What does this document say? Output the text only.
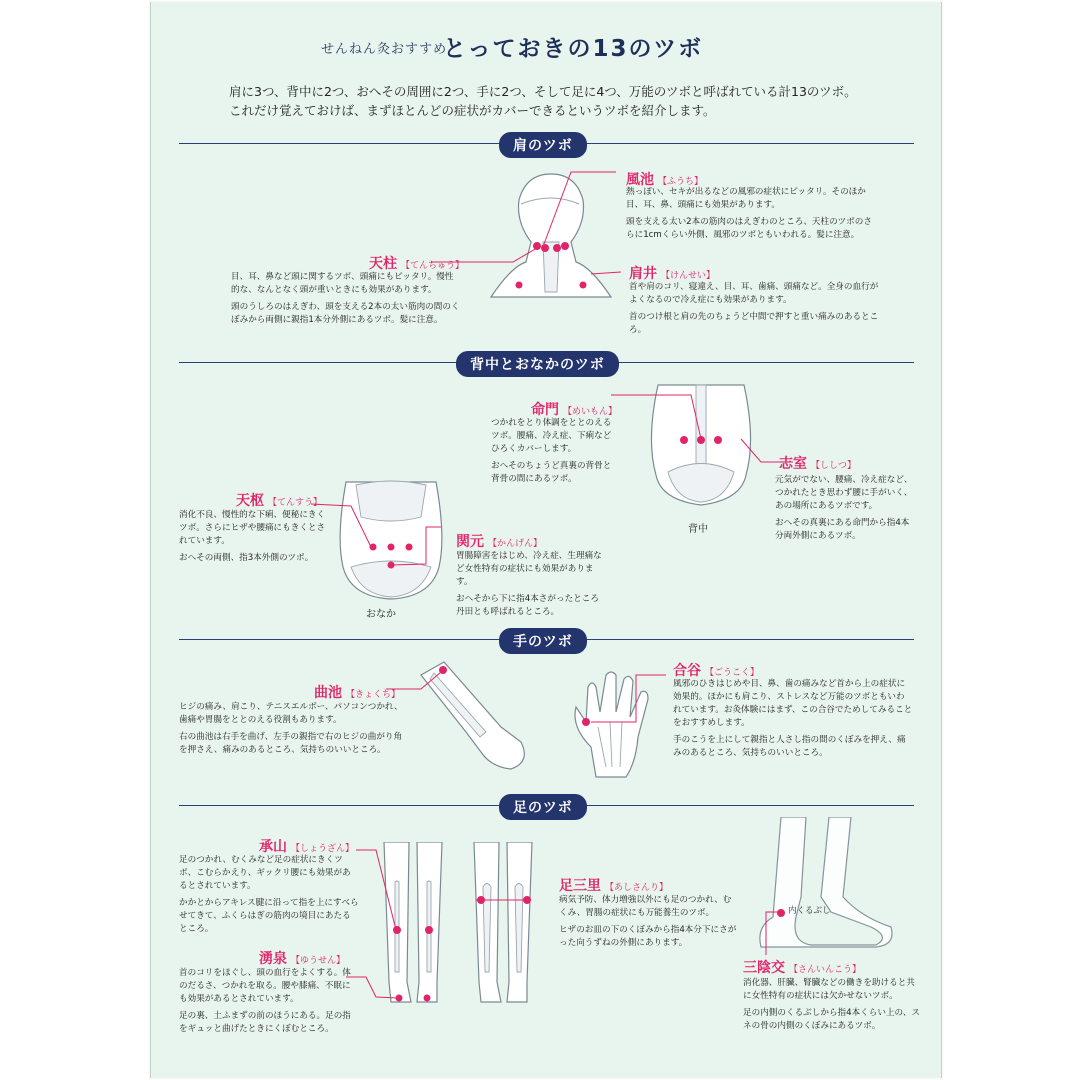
せんねん灸おすすめ
とっておきの13のツボ
肩に3つ、背中に2つ、おへその周囲に2つ、手に2つ、そして足に4つ、万能のツボと呼ばれている計13のツボ。
これだけ覚えておけば、まずほとんどの症状がカバーできるというツボを紹介します。
肩のツボ
風池 【ふうち】

熱っぽい、セキが出るなどの風邪の症状にピッタリ。そのほか目、耳、鼻、頭痛にも効果があります。

頭を支える太い2本の筋肉のはえぎわのところ、天柱のツボのさらに1cmくらい外側、風邪のツボともいわれる。髪に注意。

天柱 【てんちゅう】

目、耳、鼻など頭に関するツボ、頭痛にもピッタリ。慢性的な、なんとなく頭が重いときにも効果があります。

頭のうしろのはえぎわ、頭を支える2本の太い筋肉の間のくぼみから両側に親指1本分外側にあるツボ。髪に注意。

肩井 【けんせい】

首や肩のコリ、寝違え、目、耳、歯痛、頭痛など。全身の血行がよくなるので冷え症にも効果があります。

首のつけ根と肩の先のちょうど中間で押すと重い痛みのあるところ。

背中とおなかのツボ
背中
命門 【めいもん】

つかれをとり体調をととのえるツボ。腰痛、冷え症、下痢などひろくカバーします。

おへそのちょうど真裏の背骨と背骨の間にあるツボ。

志室 【ししつ】

元気がでない、腰痛、冷え症など、つかれたとき思わず腰に手がいく、あの場所にあるツボです。

おへその真裏にある命門から指4本分両外側にあるツボ。

おなか
天枢 【てんすう】

消化不良、慢性的な下痢、便秘にきくツボ。さらにヒザや腰痛にもきくとされています。

おへその両側、指3本外側のツボ。

関元 【かんげん】

胃腸障害をはじめ、冷え症、生理痛など女性特有の症状にも効果があります。

おへそから下に指4本さがったところ丹田とも呼ばれるところ。

手のツボ
曲池 【きょくち】

ヒジの痛み、肩こり、テニスエルボー、パソコンつかれ、歯痛や胃腸をととのえる役割もあります。

右の曲池は右手を曲げ、左手の親指で右のヒジの曲がり角を押さえ、痛みのあるところ、気持ちのいいところ。

合谷 【ごうこく】

風邪のひきはじめや目、鼻、歯の痛みなど首から上の症状に効果的。ほかにも肩こり、ストレスなど万能のツボともいわれています。お灸体験にはまず、この合谷でためしてみることをおすすめします。

手のこうを上にして親指と人さし指の間のくぼみを押え、痛みのあるところ、気持ちのいいところ。

足のツボ
承山 【しょうざん】

足のつかれ、むくみなど足の症状にきくツボ、こむらかえり、ギックリ腰にも効果があるとされています。

かかとからアキレス腱に沿って指を上にすべらせてきて、ふくらはぎの筋肉の境目にあたるところ。

湧泉 【ゆうせん】

首のコリをほぐし、頭の血行をよくする。体のだるさ、つかれを取る。腰や膝痛、不眠にも効果があるとされています。

足の裏、土ふまずの前のほうにある。足の指をギュッと曲げたときにくぼむところ。

足三里 【あしさんり】

病気予防、体力増強以外にも足のつかれ、むくみ、胃腸の症状にも万能養生のツボ。

ヒザのお皿の下のくぼみから指4本分下にさがった向うずねの外側にあります。

内くるぶし
三陰交 【さんいんこう】

消化器、肝臓、腎臓などの働きを助けると共に女性特有の症状には欠かせないツボ。

足の内側のくるぶしから指4本くらい上の、スネの骨の内側のくぼみにあるツボ。
